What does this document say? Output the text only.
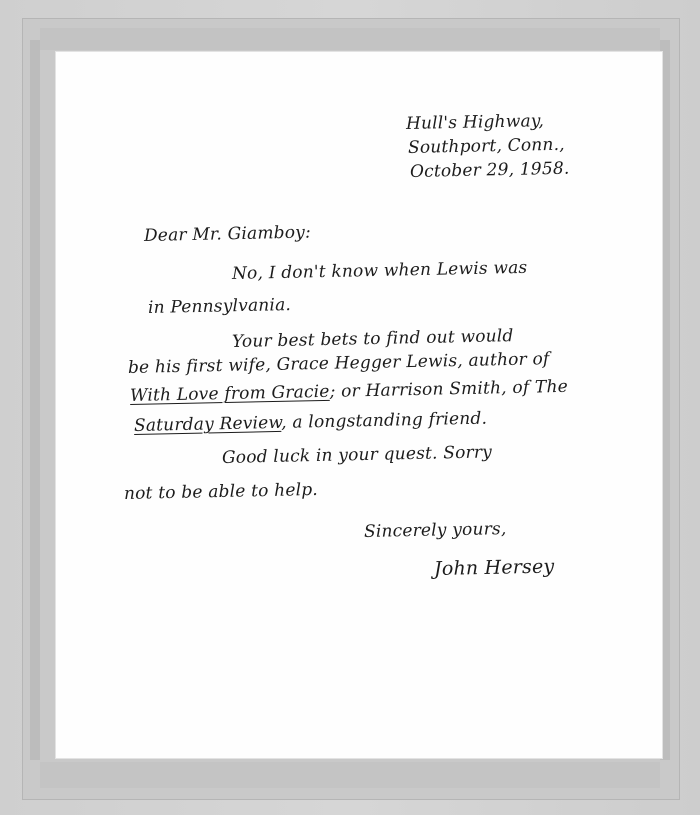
Hull's Highway,
Southport, Conn.,
October 29, 1958.
Dear Mr. Giamboy:
No, I don't know when Lewis was
in Pennsylvania.
Your best bets to find out would
be his first wife, Grace Hegger Lewis, author of
With Love from Gracie; or Harrison Smith, of The
Saturday Review, a longstanding friend.
Good luck in your quest. Sorry
not to be able to help.
Sincerely yours,
John Hersey
